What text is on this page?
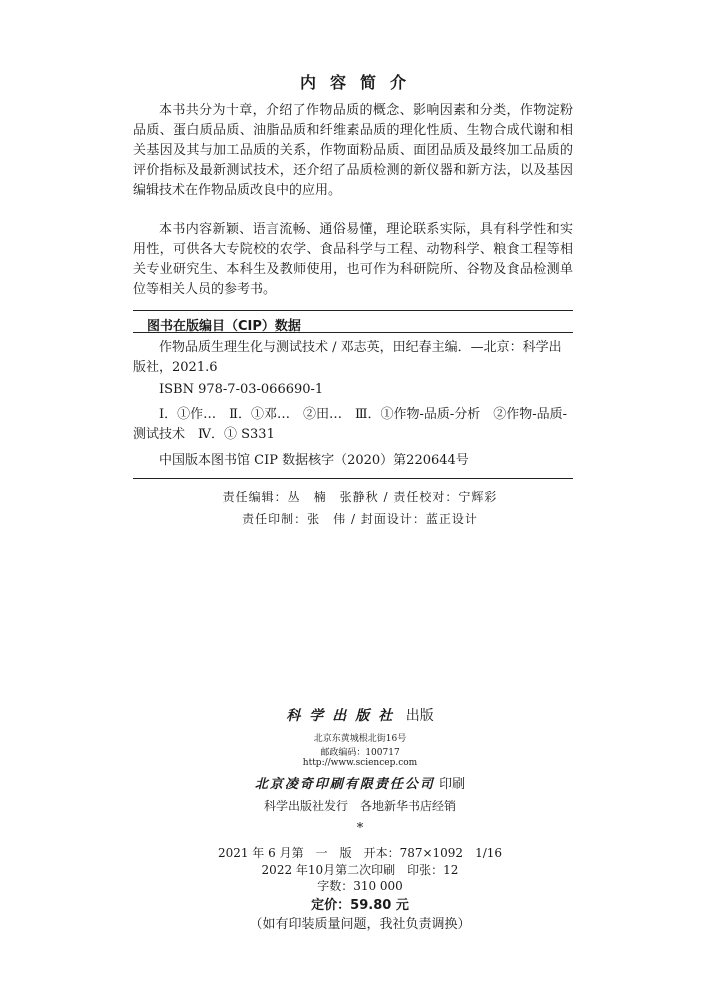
内容简介

本书共分为十章，介绍了作物品质的概念、影响因素和分类，作物淀粉品质、蛋白质品质、油脂品质和纤维素品质的理化性质、生物合成代谢和相关基因及其与加工品质的关系，作物面粉品质、面团品质及最终加工品质的评价指标及最新测试技术，还介绍了品质检测的新仪器和新方法，以及基因编辑技术在作物品质改良中的应用。

本书内容新颖、语言流畅、通俗易懂，理论联系实际，具有科学性和实用性，可供各大专院校的农学、食品科学与工程、动物科学、粮食工程等相关专业研究生、本科生及教师使用，也可作为科研院所、谷物及食品检测单位等相关人员的参考书。

图书在版编目（CIP）数据

作物品质生理生化与测试技术 / 邓志英，田纪春主编．—北京：科学出版社，2021.6

ISBN 978-7-03-066690-1

Ⅰ．①作…　Ⅱ．①邓…　②田…　Ⅲ．①作物-品质-分析　②作物-品质-测试技术　Ⅳ．① S331

中国版本图书馆 CIP 数据核字（2020）第220644号

责任编辑：丛　楠　张静秋 / 责任校对：宁辉彩
责任印制：张　伟 / 封面设计：蓝正设计
科学出版社 出版
北京东黄城根北街16号
邮政编码：100717
http://www.sciencep.com
北京凌奇印刷有限责任公司 印刷
科学出版社发行　各地新华书店经销
*
2021 年 6 月第　一　版　开本：787×1092　1/16
2022 年10月第二次印刷　印张：12
字数：310 000
定价：59.80 元
（如有印装质量问题，我社负责调换）
